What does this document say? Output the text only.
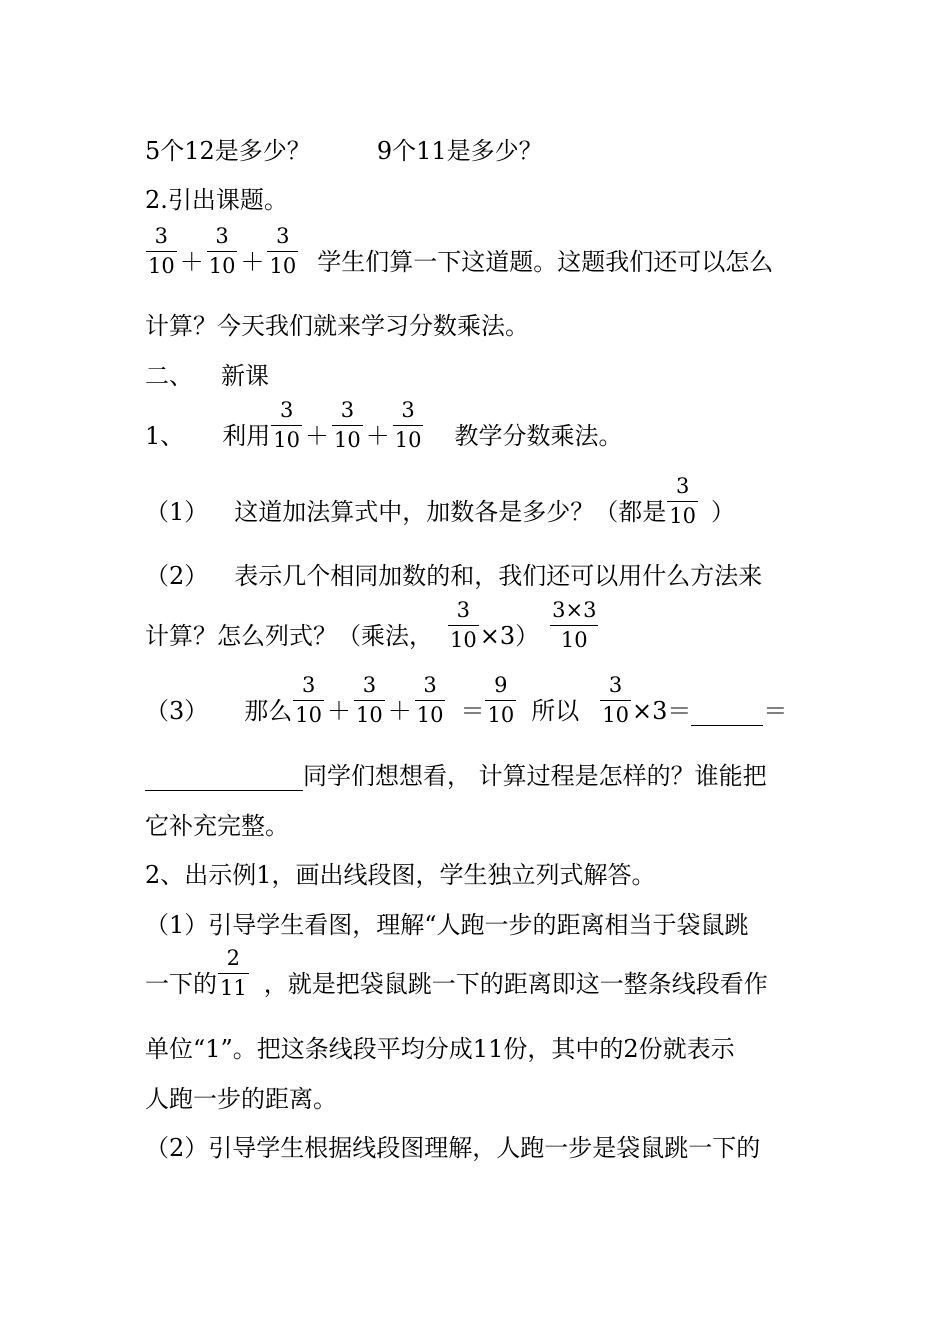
5个12是多少？	9个11是多少？
2.引出课题。
$\frac{3}{10} + \frac{3}{10} + \frac{3}{10}$ 学生们算一下这道题。这题我们还可以怎么
计算？今天我们就来学习分数乘法。
二、 新课
1、 利用 $\frac{3}{10} + \frac{3}{10} + \frac{3}{10}$ 教学分数乘法。
（1） 这道加法算式中，加数各是多少？（都是 $\frac{3}{10}$ ）
（2） 表示几个相同加数的和，我们还可以用什么方法来
计算？怎么列式？（乘法， $\frac{3}{10} \times 3) \frac{3\times 3}{10}$
（3） 那么 $\frac{3}{10} + \frac{3}{10} + \frac{3}{10} = \frac{9}{10}$ 所以 $\frac{3}{10} \times 3=$	＝
同学们想想看， 计算过程是怎样的？谁能把
它补充完整。
2、出示例1，画出线段图，学生独立列式解答。
（1）引导学生看图，理解“人跑一步的距离相当于袋鼠跳
一下的 $\frac{2}{11}$ ，就是把袋鼠跳一下的距离即这一整条线段看作
单位“1”。把这条线段平均分成11份，其中的2份就表示
人跑一步的距离。
（2）引导学生根据线段图理解，人跑一步是袋鼠跳一下的
